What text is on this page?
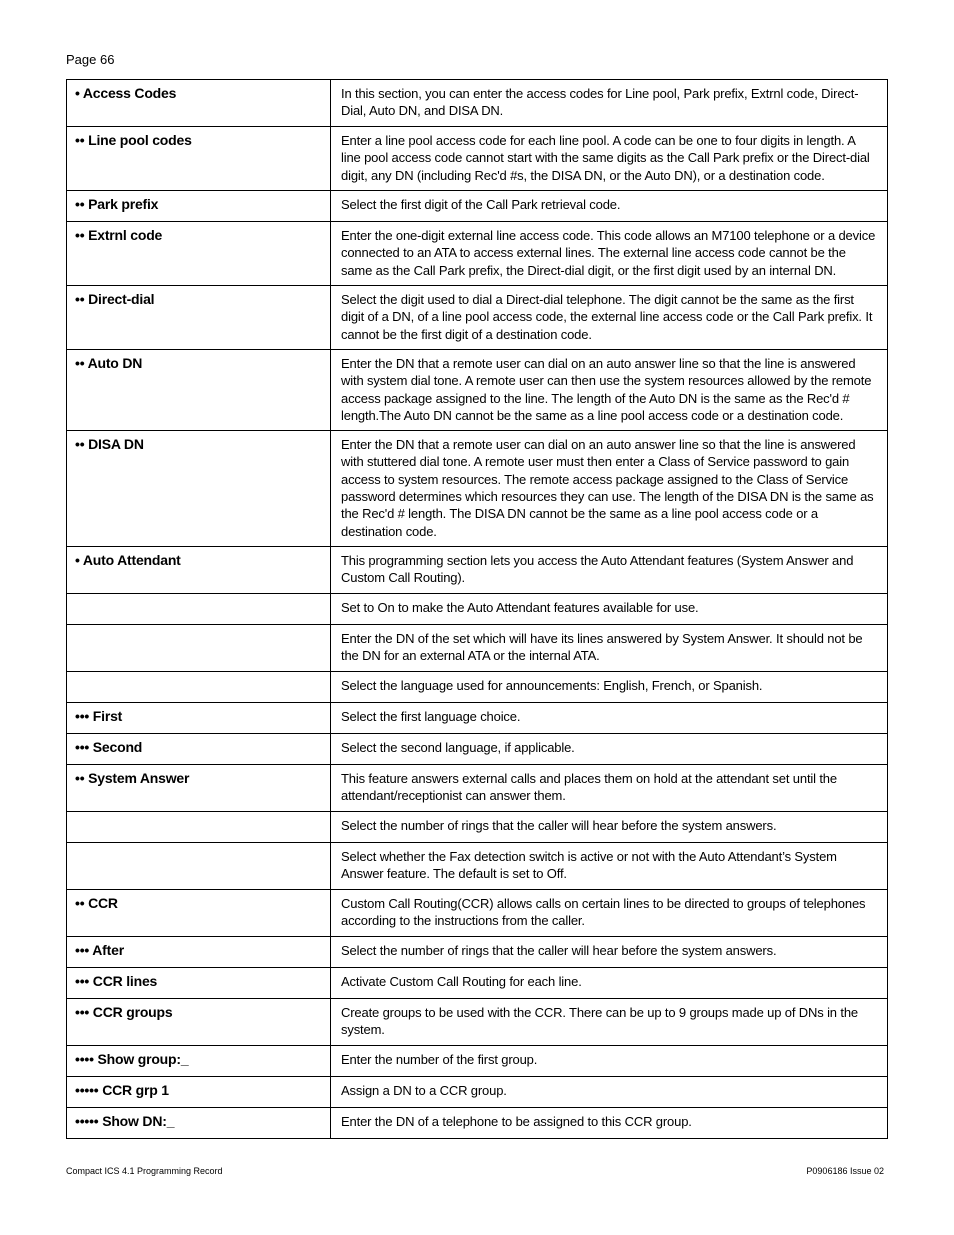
Page 66
• Access Codes	In this section, you can enter the access codes for Line pool, Park prefix, Extrnl code, Direct-Dial, Auto DN, and DISA DN.
•• Line pool codes	Enter a line pool access code for each line pool. A code can be one to four digits in length. A line pool access code cannot start with the same digits as the Call Park prefix or the Direct-dial digit, any DN (including Rec'd #s, the DISA DN, or the Auto DN), or a destination code.
•• Park prefix	Select the first digit of the Call Park retrieval code.
•• Extrnl code	Enter the one-digit external line access code. This code allows an M7100 telephone or a device connected to an ATA to access external lines. The external line access code cannot be the same as the Call Park prefix, the Direct-dial digit, or the first digit used by an internal DN.
•• Direct-dial	Select the digit used to dial a Direct-dial telephone. The digit cannot be the same as the first digit of a DN, of a line pool access code, the external line access code or the Call Park prefix. It cannot be the first digit of a destination code.
•• Auto DN	Enter the DN that a remote user can dial on an auto answer line so that the line is answered with system dial tone. A remote user can then use the system resources allowed by the remote access package assigned to the line. The length of the Auto DN is the same as the Rec'd # length.The Auto DN cannot be the same as a line pool access code or a destination code.
•• DISA DN	Enter the DN that a remote user can dial on an auto answer line so that the line is answered with stuttered dial tone. A remote user must then enter a Class of Service password to gain access to system resources. The remote access package assigned to the Class of Service password determines which resources they can use. The length of the DISA DN is the same as the Rec'd # length. The DISA DN cannot be the same as a line pool access code or a destination code.
• Auto Attendant	This programming section lets you access the Auto Attendant features (System Answer and Custom Call Routing).
	Set to On to make the Auto Attendant features available for use.
	Enter the DN of the set which will have its lines answered by System Answer. It should not be the DN for an external ATA or the internal ATA.
	Select the language used for announcements: English, French, or Spanish.
••• First	Select the first language choice.
••• Second	Select the second language, if applicable.
•• System Answer	This feature answers external calls and places them on hold at the attendant set until the attendant/receptionist can answer them.
	Select the number of rings that the caller will hear before the system answers.
	Select whether the Fax detection switch is active or not with the Auto Attendant’s System Answer feature. The default is set to Off.
•• CCR	Custom Call Routing(CCR) allows calls on certain lines to be directed to groups of telephones according to the instructions from the caller.
••• After	Select the number of rings that the caller will hear before the system answers.
••• CCR lines	Activate Custom Call Routing for each line.
••• CCR groups	Create groups to be used with the CCR. There can be up to 9 groups made up of DNs in the system.
•••• Show group:_	Enter the number of the first group.
••••• CCR grp 1	Assign a DN to a CCR group.
••••• Show DN:_	Enter the DN of a telephone to be assigned to this CCR group.
Compact ICS 4.1 Programming Record	P0906186 Issue 02
